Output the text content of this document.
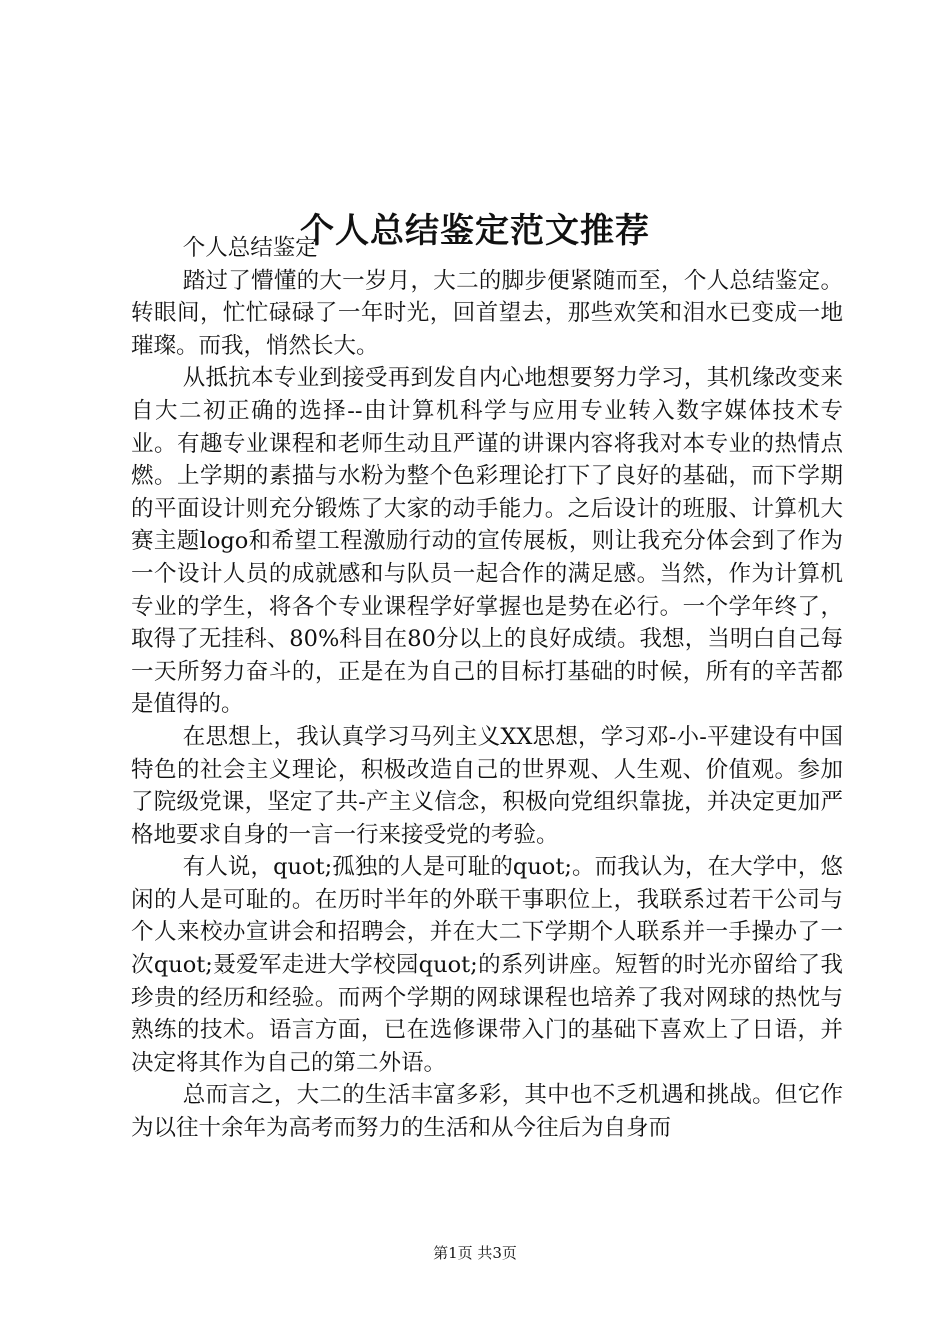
个人总结鉴定范文推荐

个人总结鉴定

踏过了懵懂的大一岁月，大二的脚步便紧随而至，个人总结鉴定。转眼间，忙忙碌碌了一年时光，回首望去，那些欢笑和泪水已变成一地璀璨。而我，悄然长大。

从抵抗本专业到接受再到发自内心地想要努力学习，其机缘改变来自大二初正确的选择--由计算机科学与应用专业转入数字媒体技术专业。有趣专业课程和老师生动且严谨的讲课内容将我对本专业的热情点燃。上学期的素描与水粉为整个色彩理论打下了良好的基础，而下学期的平面设计则充分锻炼了大家的动手能力。之后设计的班服、计算机大赛主题logo和希望工程激励行动的宣传展板，则让我充分体会到了作为一个设计人员的成就感和与队员一起合作的满足感。当然，作为计算机专业的学生，将各个专业课程学好掌握也是势在必行。一个学年终了，取得了无挂科、80%科目在80分以上的良好成绩。我想，当明白自己每一天所努力奋斗的，正是在为自己的目标打基础的时候，所有的辛苦都是值得的。

在思想上，我认真学习马列主义XX思想，学习邓-小-平建设有中国特色的社会主义理论，积极改造自己的世界观、人生观、价值观。参加了院级党课，坚定了共-产主义信念，积极向党组织靠拢，并决定更加严格地要求自身的一言一行来接受党的考验。

有人说，quot;孤独的人是可耻的quot;。而我认为，在大学中，悠闲的人是可耻的。在历时半年的外联干事职位上，我联系过若干公司与个人来校办宣讲会和招聘会，并在大二下学期个人联系并一手操办了一次quot;聂爱军走进大学校园quot;的系列讲座。短暂的时光亦留给了我珍贵的经历和经验。而两个学期的网球课程也培养了我对网球的热忱与熟练的技术。语言方面，已在选修课带入门的基础下喜欢上了日语，并决定将其作为自己的第二外语。

总而言之，大二的生活丰富多彩，其中也不乏机遇和挑战。但它作为以往十余年为高考而努力的生活和从今往后为自身而

第1页 共3页
